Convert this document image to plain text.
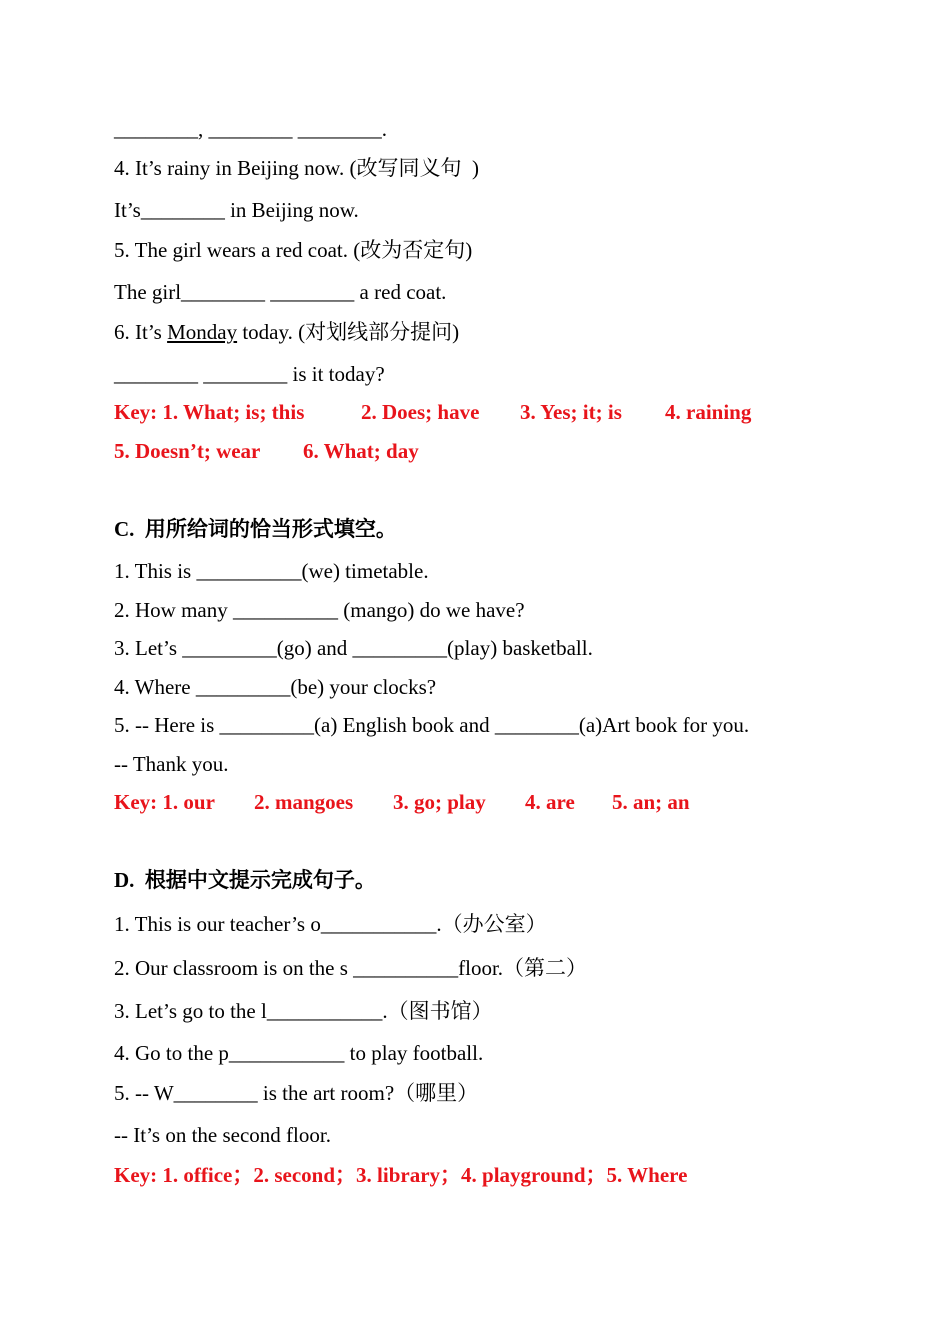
________, ________ ________.
4. It’s rainy in Beijing now. (改写同义句  )
It’s________ in Beijing now.
5. The girl wears a red coat. (改为否定句)
The girl________ ________ a red coat.
6. It’s Monday today. (对划线部分提问)
________ ________ is it today?
Key: 1. What; is; this	2. Does; have 3. Yes; it; is 4. raining
5. Doesn’t; wear 6. What; day
C.  用所给词的恰当形式填空。
1. This is __________(we) timetable.
2. How many __________ (mango) do we have?
3. Let’s _________(go) and _________(play) basketball.
4. Where _________(be) your clocks?
5. -- Here is _________(a) English book and ________(a)Art book for you.
-- Thank you.
Key: 1. our 2. mangoes 3. go; play 4. are 5. an; an
D.  根据中文提示完成句子。
1. This is our teacher’s o___________.（办公室）
2. Our classroom is on the s __________floor.（第二）
3. Let’s go to the l___________.（图书馆）
4. Go to the p___________ to play football.
5. -- W________ is the art room?（哪里）
-- It’s on the second floor.
Key: 1. office；2. second；3. library；4. playground；5. Where
